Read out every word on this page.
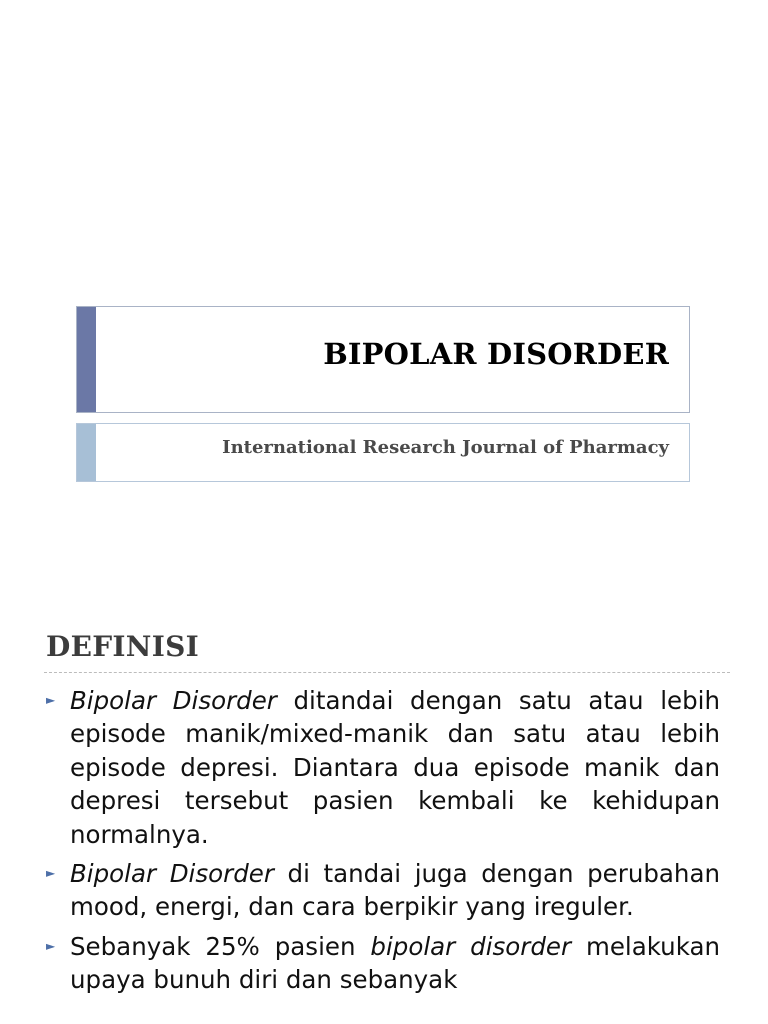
BIPOLAR DISORDER
International Research Journal of Pharmacy
DEFINISI
► Bipolar Disorder ditandai dengan satu atau lebih episode manik/mixed-manik dan satu atau lebih episode depresi. Diantara dua episode manik dan depresi tersebut pasien kembali ke kehidupan normalnya.
► Bipolar Disorder di tandai juga dengan perubahan mood, energi, dan cara berpikir yang ireguler.
► Sebanyak 25% pasien bipolar disorder melakukan upaya bunuh diri dan sebanyak
